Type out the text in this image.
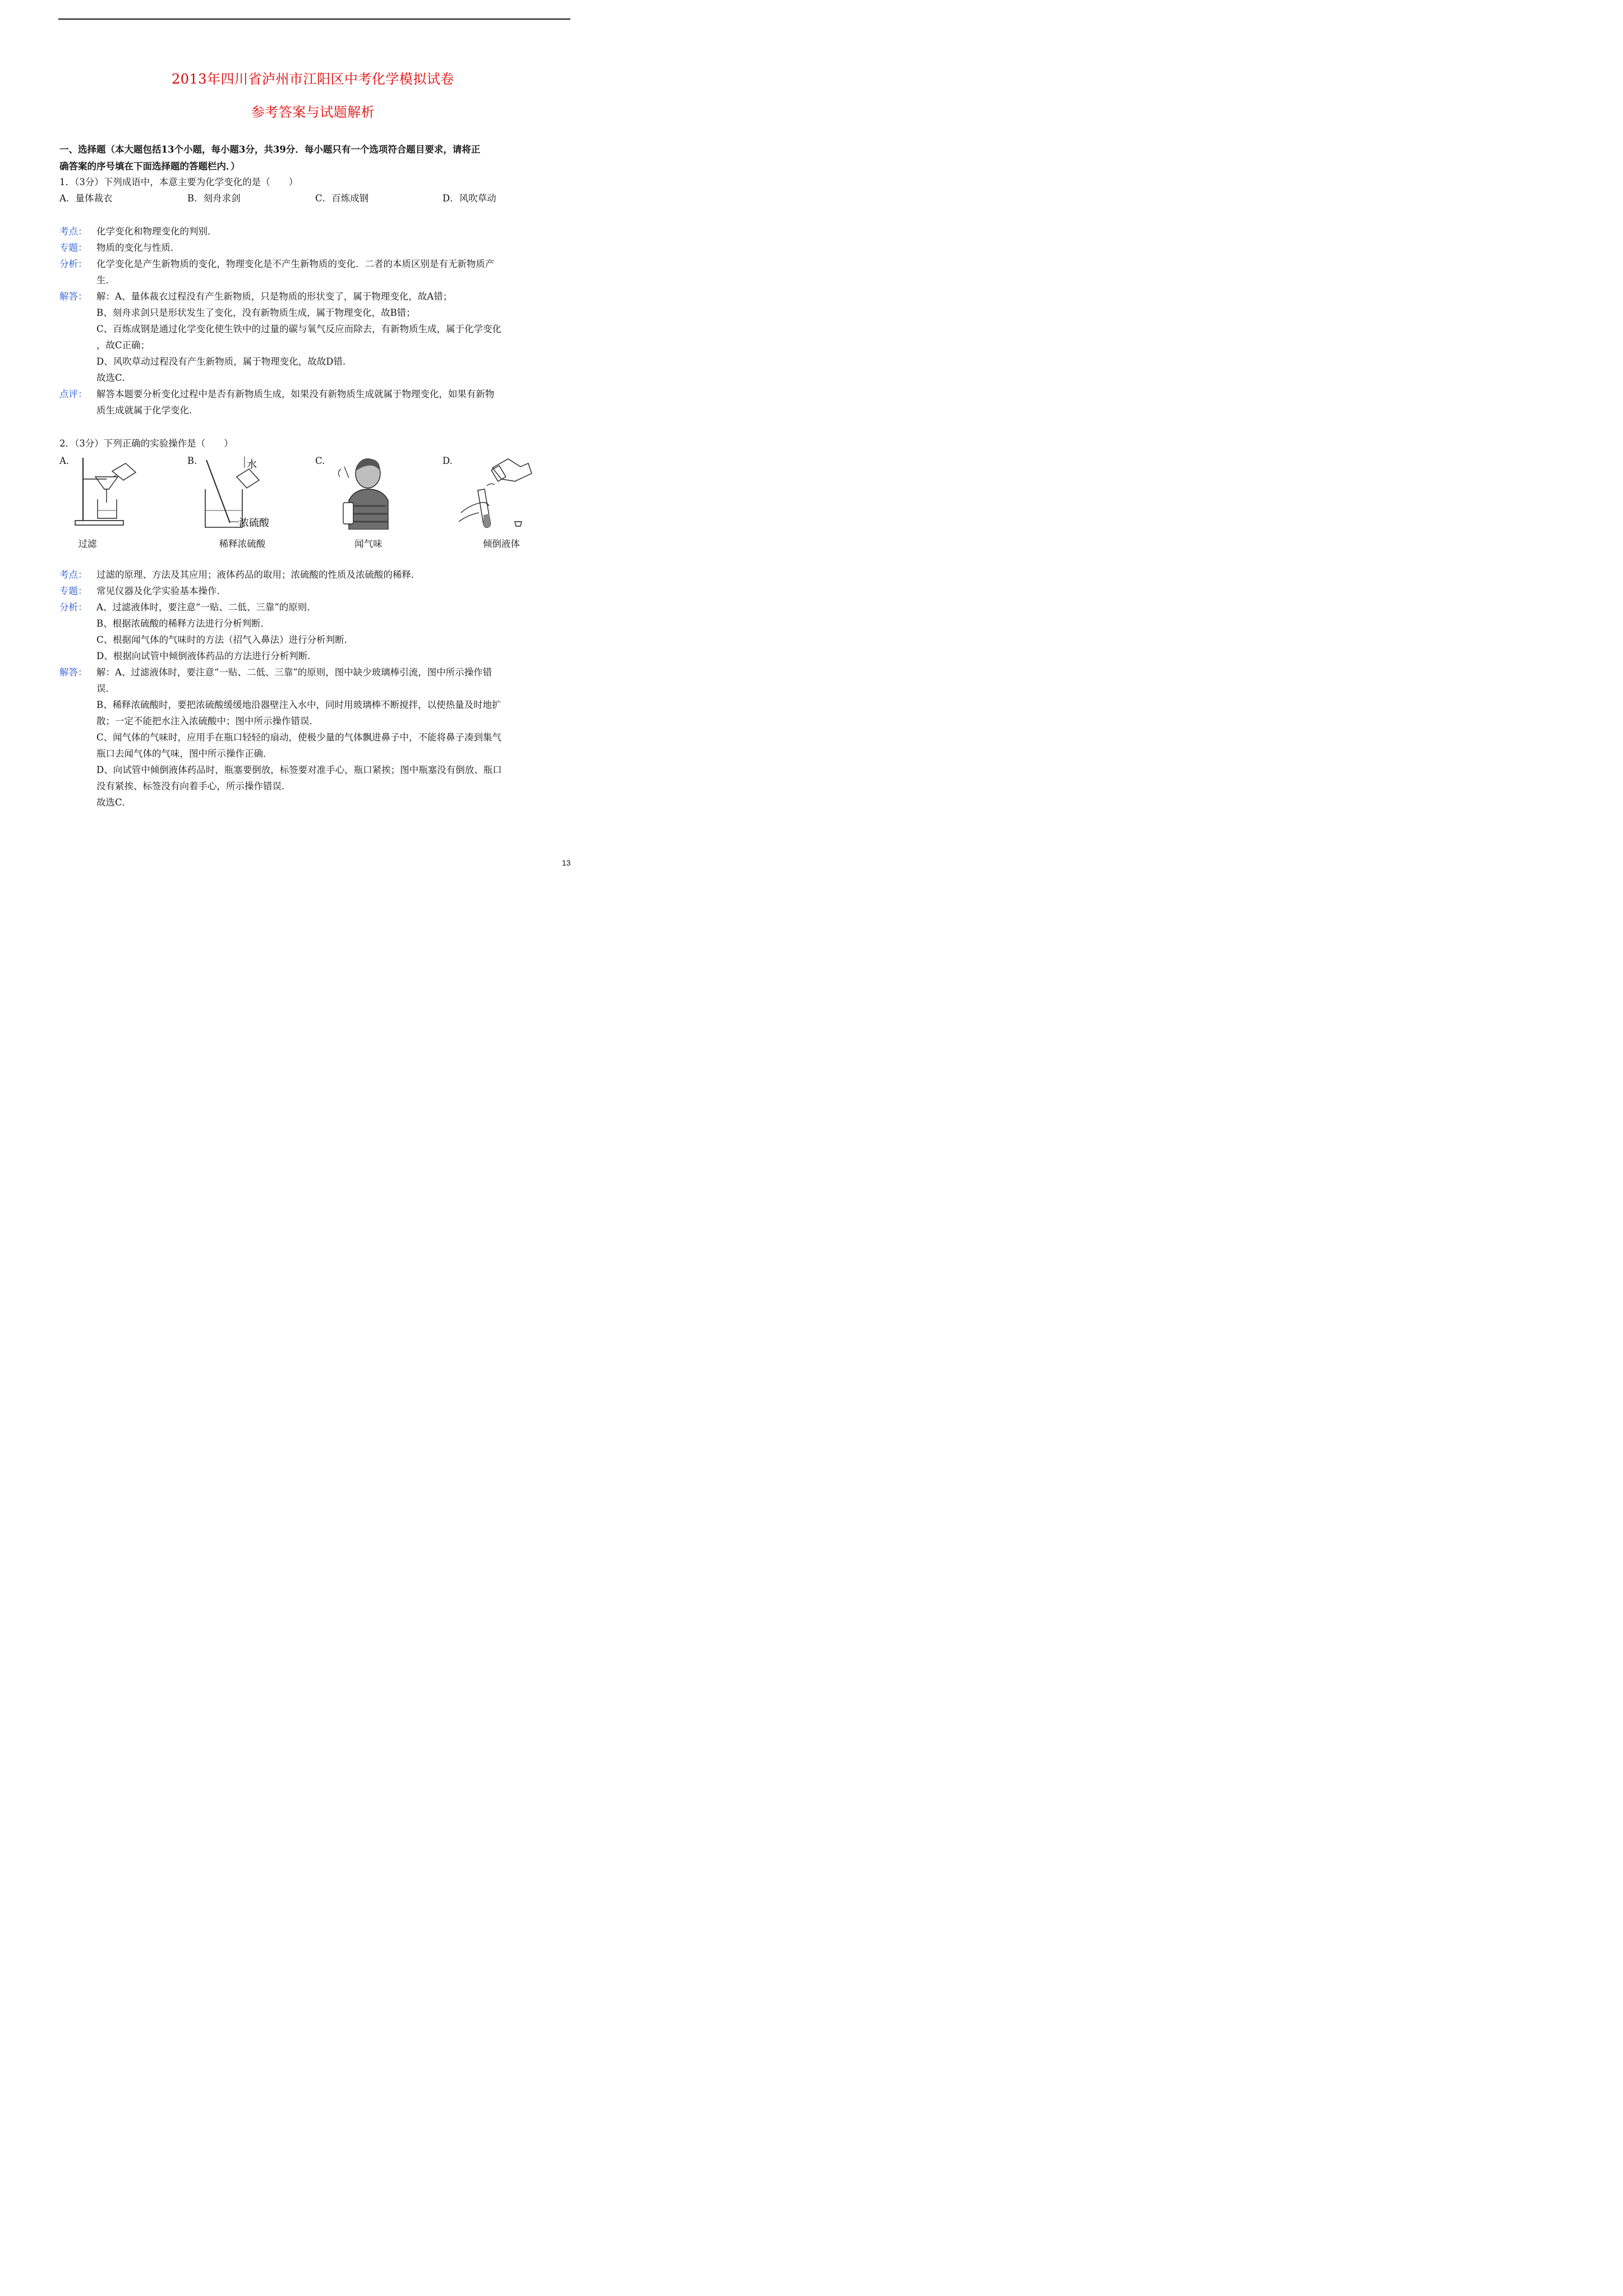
2013年四川省泸州市江阳区中考化学模拟试卷
参考答案与试题解析
一、选择题（本大题包括13个小题，每小题3分，共39分．每小题只有一个选项符合题目要求，请将正
确答案的序号填在下面选择题的答题栏内．）
1．（3分）下列成语中，本意主要为化学变化的是（　　）
A．量体裁衣	B．刻舟求剑	C．百炼成钢	D．风吹草动
考点： 化学变化和物理变化的判别．
专题： 物质的变化与性质．
分析： 化学变化是产生新物质的变化，物理变化是不产生新物质的变化．二者的本质区别是有无新物质产
生．
解答： 解：A、量体裁衣过程没有产生新物质，只是物质的形状变了，属于物理变化，故A错；
B、刻舟求剑只是形状发生了变化，没有新物质生成，属于物理变化，故B错；
C、百炼成钢是通过化学变化使生铁中的过量的碳与氧气反应而除去，有新物质生成，属于化学变化
，故C正确；
D、风吹草动过程没有产生新物质，属于物理变化，故故D错．
故选C．
点评： 解答本题要分析变化过程中是否有新物质生成，如果没有新物质生成就属于物理变化，如果有新物
质生成就属于化学变化．
2．（3分）下列正确的实验操作是（　　）
A.	B.	C.	D.
水
浓硫酸
过滤	稀释浓硫酸	闻气味	倾倒液体
考点： 过滤的原理、方法及其应用；液体药品的取用；浓硫酸的性质及浓硫酸的稀释．
专题： 常见仪器及化学实验基本操作．
分析： A、过滤液体时，要注意“一贴、二低、三靠”的原则．
B、根据浓硫酸的稀释方法进行分析判断．
C、根据闻气体的气味时的方法（招气入鼻法）进行分析判断．
D、根据向试管中倾倒液体药品的方法进行分析判断．
解答： 解：A、过滤液体时，要注意“一贴、二低、三靠”的原则，图中缺少玻璃棒引流，图中所示操作错
误．
B、稀释浓硫酸时，要把浓硫酸缓缓地沿器壁注入水中，同时用玻璃棒不断搅拌，以使热量及时地扩
散；一定不能把水注入浓硫酸中；图中所示操作错误．
C、闻气体的气味时，应用手在瓶口轻轻的扇动，使极少量的气体飘进鼻子中，不能将鼻子凑到集气
瓶口去闻气体的气味，图中所示操作正确．
D、向试管中倾倒液体药品时，瓶塞要倒放，标签要对准手心，瓶口紧挨；图中瓶塞没有倒放、瓶口
没有紧挨、标签没有向着手心，所示操作错误．
故选C．
13
